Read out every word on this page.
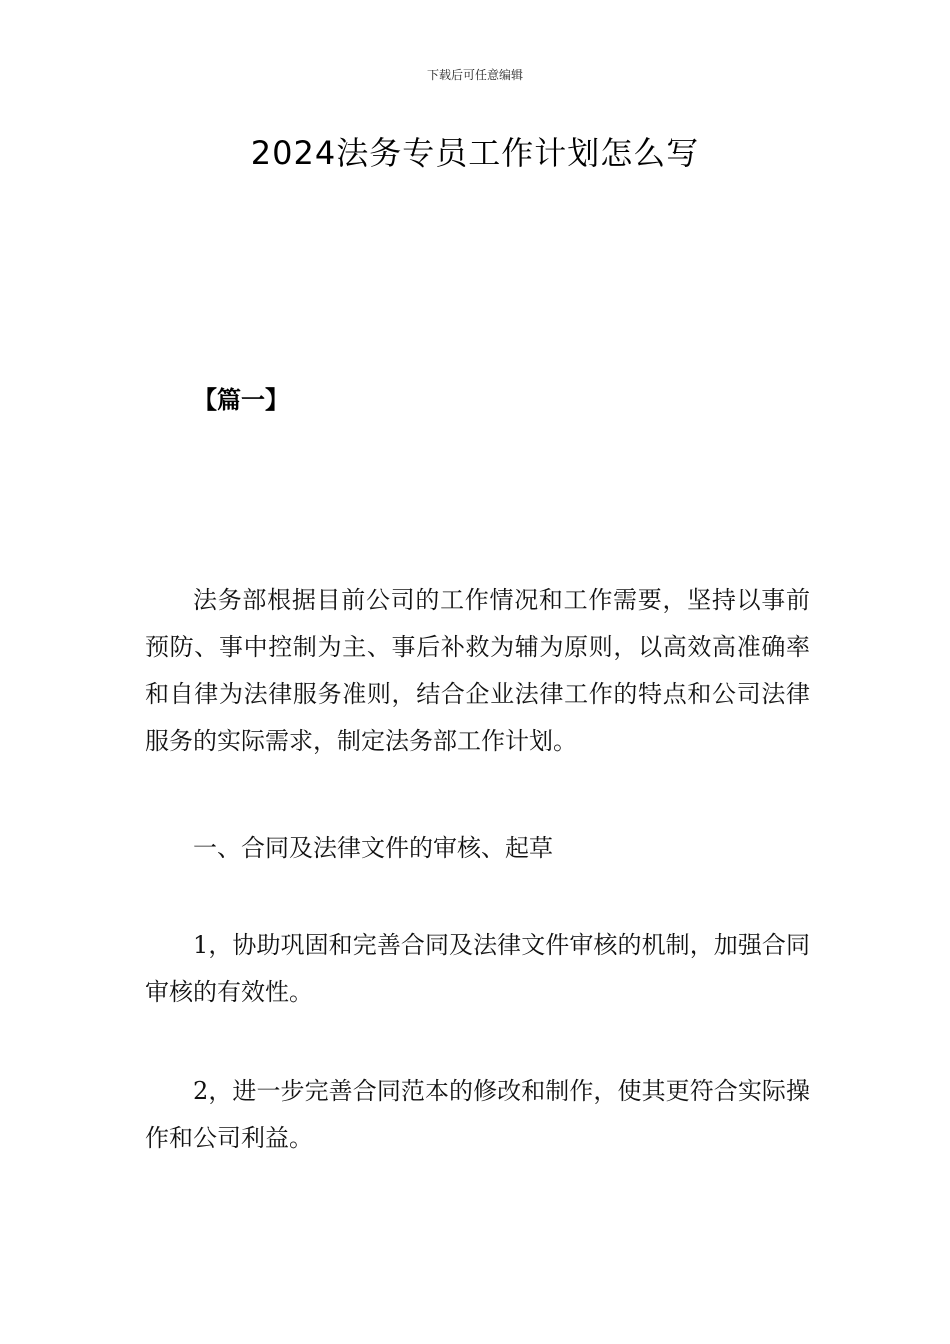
下载后可任意编辑
2024法务专员工作计划怎么写
【篇一】

法务部根据目前公司的工作情况和工作需要，坚持以事前预防、事中控制为主、事后补救为辅为原则，以高效高准确率和自律为法律服务准则，结合企业法律工作的特点和公司法律服务的实际需求，制定法务部工作计划。

一、合同及法律文件的审核、起草

1，协助巩固和完善合同及法律文件审核的机制，加强合同审核的有效性。

2，进一步完善合同范本的修改和制作，使其更符合实际操作和公司利益。
